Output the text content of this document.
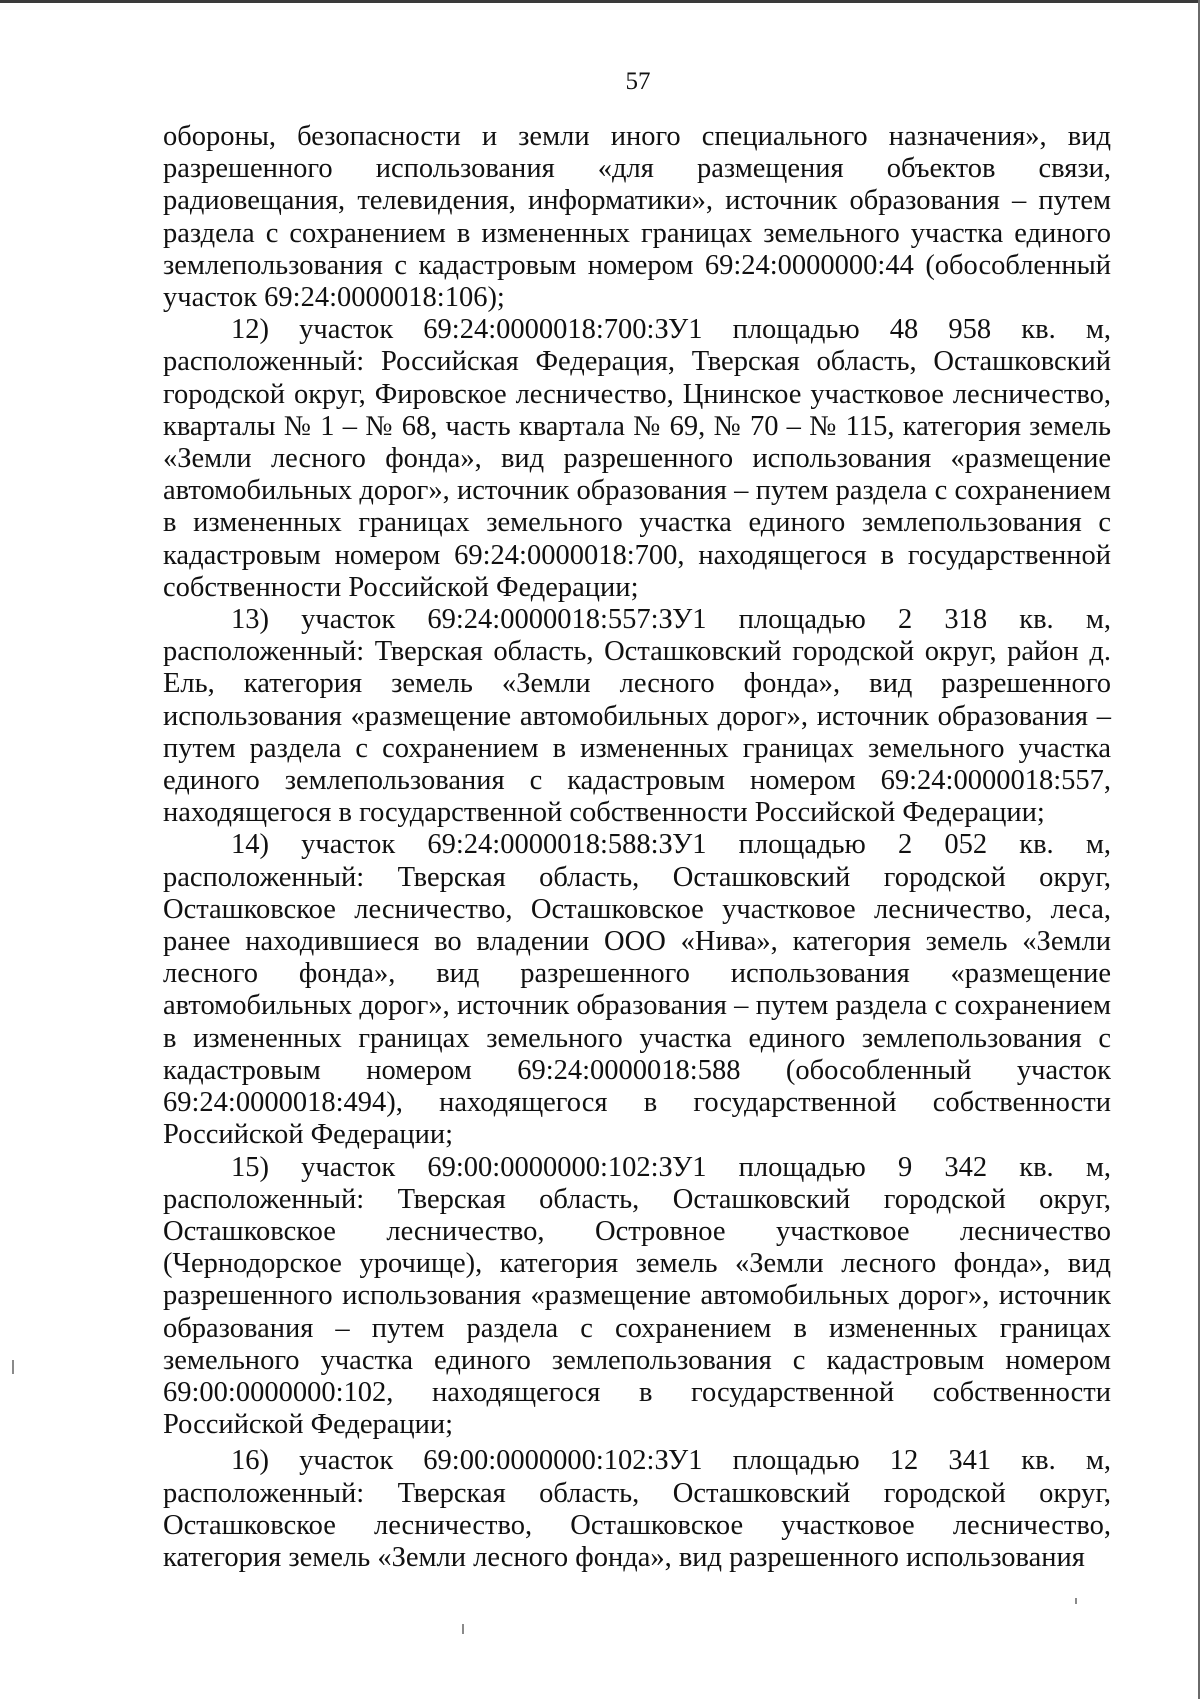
57

обороны, безопасности и земли иного специального назначения», вид разрешенного использования «для размещения объектов связи, радиовещания, телевидения, информатики», источник образования – путем раздела с сохранением в измененных границах земельного участка единого землепользования с кадастровым номером 69:24:0000000:44 (обособленный участок 69:24:0000018:106);

12) участок 69:24:0000018:700:ЗУ1 площадью 48 958 кв. м, расположенный: Российская Федерация, Тверская область, Осташковский городской округ, Фировское лесничество, Цнинское участковое лесничество, кварталы № 1 – № 68, часть квартала № 69, № 70 – № 115, категория земель «Земли лесного фонда», вид разрешенного использования «размещение автомобильных дорог», источник образования – путем раздела с сохранением в измененных границах земельного участка единого землепользования с кадастровым номером 69:24:0000018:700, находящегося в государственной собственности Российской Федерации;

13) участок 69:24:0000018:557:ЗУ1 площадью 2 318 кв. м, расположенный: Тверская область, Осташковский городской округ, район д. Ель, категория земель «Земли лесного фонда», вид разрешенного использования «размещение автомобильных дорог», источник образования – путем раздела с сохранением в измененных границах земельного участка единого землепользования с кадастровым номером 69:24:0000018:557, находящегося в государственной собственности Российской Федерации;

14) участок 69:24:0000018:588:ЗУ1 площадью 2 052 кв. м, расположенный: Тверская область, Осташковский городской округ, Осташковское лесничество, Осташковское участковое лесничество, леса, ранее находившиеся во владении ООО «Нива», категория земель «Земли лесного фонда», вид разрешенного использования «размещение автомобильных дорог», источник образования – путем раздела с сохранением в измененных границах земельного участка единого землепользования с кадастровым номером 69:24:0000018:588 (обособленный участок 69:24:0000018:494), находящегося в государственной собственности Российской Федерации;

15) участок 69:00:0000000:102:ЗУ1 площадью 9 342 кв. м, расположенный: Тверская область, Осташковский городской округ, Осташковское лесничество, Островное участковое лесничество (Чернодорское урочище), категория земель «Земли лесного фонда», вид разрешенного использования «размещение автомобильных дорог», источник образования – путем раздела с сохранением в измененных границах земельного участка единого землепользования с кадастровым номером 69:00:0000000:102, находящегося в государственной собственности Российской Федерации;

16) участок 69:00:0000000:102:ЗУ1 площадью 12 341 кв. м, расположенный: Тверская область, Осташковский городской округ, Осташковское лесничество, Осташковское участковое лесничество, категория земель «Земли лесного фонда», вид разрешенного использования
